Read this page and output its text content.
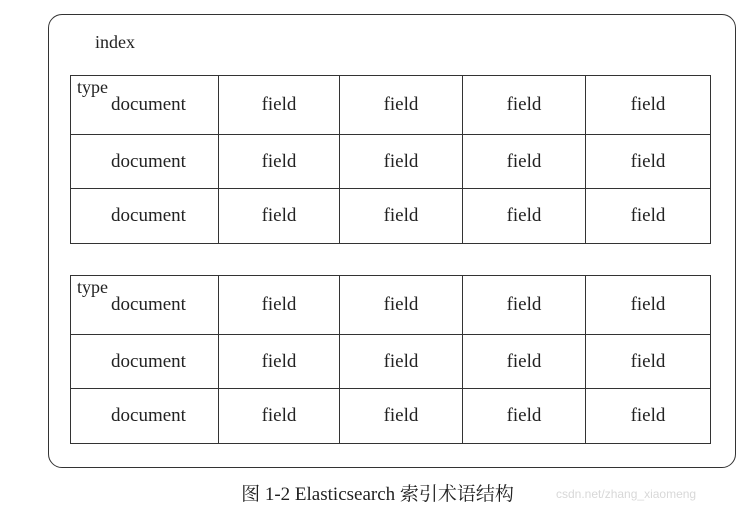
index
type
document	field	field	field	field
document	field	field	field	field
document	field	field	field	field
type
document	field	field	field	field
document	field	field	field	field
document	field	field	field	field
图 1-2 Elasticsearch 索引术语结构	csdn.net/zhang_xiaomeng
